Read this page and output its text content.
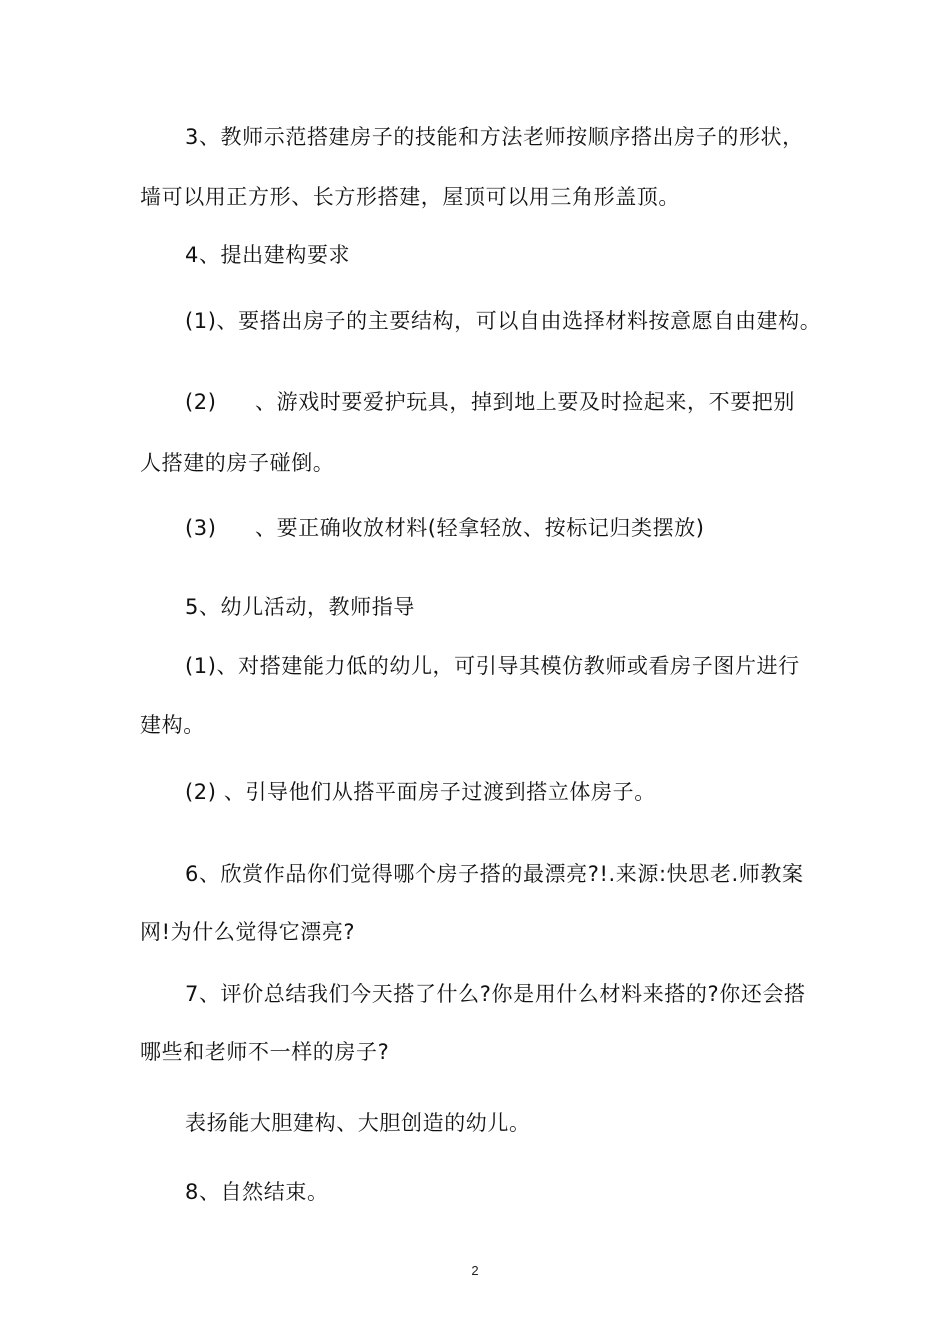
3、教师示范搭建房子的技能和方法老师按顺序搭出房子的形状，
墙可以用正方形、长方形搭建，屋顶可以用三角形盖顶。
4、提出建构要求
(1)、要搭出房子的主要结构，可以自由选择材料按意愿自由建构。
(2) 、游戏时要爱护玩具，掉到地上要及时捡起来，不要把别
人搭建的房子碰倒。
(3) 、要正确收放材料(轻拿轻放、按标记归类摆放)
5、幼儿活动，教师指导
(1)、对搭建能力低的幼儿，可引导其模仿教师或看房子图片进行
建构。
(2) 、引导他们从搭平面房子过渡到搭立体房子。
6、欣赏作品你们觉得哪个房子搭的最漂亮?!.来源:快思老.师教案
网!为什么觉得它漂亮?
7、评价总结我们今天搭了什么?你是用什么材料来搭的?你还会搭
哪些和老师不一样的房子?
表扬能大胆建构、大胆创造的幼儿。
8、自然结束。
2
